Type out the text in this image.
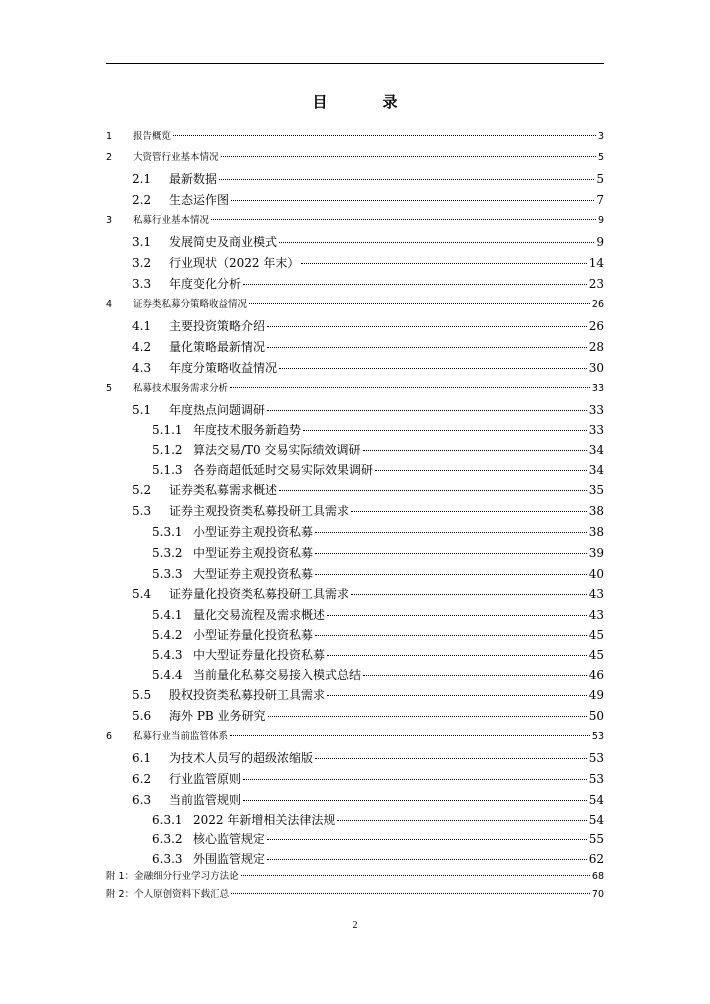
目　录
1	报告概览	3
2	大资管行业基本情况	5
2.1	最新数据	5
2.2	生态运作图	7
3	私募行业基本情况	9
3.1	发展简史及商业模式	9
3.2	行业现状（2022 年末）	14
3.3	年度变化分析	23
4	证券类私募分策略收益情况	26
4.1	主要投资策略介绍	26
4.2	量化策略最新情况	28
4.3	年度分策略收益情况	30
5	私募技术服务需求分析	33
5.1	年度热点问题调研	33
5.1.1 年度技术服务新趋势	33
5.1.2 算法交易/T0 交易实际绩效调研	34
5.1.3 各券商超低延时交易实际效果调研	34
5.2	证券类私募需求概述	35
5.3	证券主观投资类私募投研工具需求	38
5.3.1 小型证券主观投资私募	38
5.3.2 中型证券主观投资私募	39
5.3.3 大型证券主观投资私募	40
5.4	证券量化投资类私募投研工具需求	43
5.4.1 量化交易流程及需求概述	43
5.4.2 小型证券量化投资私募	45
5.4.3 中大型证券量化投资私募	45
5.4.4 当前量化私募交易接入模式总结	46
5.5	股权投资类私募投研工具需求	49
5.6	海外 PB 业务研究	50
6	私募行业当前监管体系	53
6.1	为技术人员写的超级浓缩版	53
6.2	行业监管原则	53
6.3	当前监管规则	54
6.3.1 2022 年新增相关法律法规	54
6.3.2 核心监管规定	55
6.3.3 外围监管规定	62
附 1：金融细分行业学习方法论	68
附 2：个人原创资料下载汇总	70
2
